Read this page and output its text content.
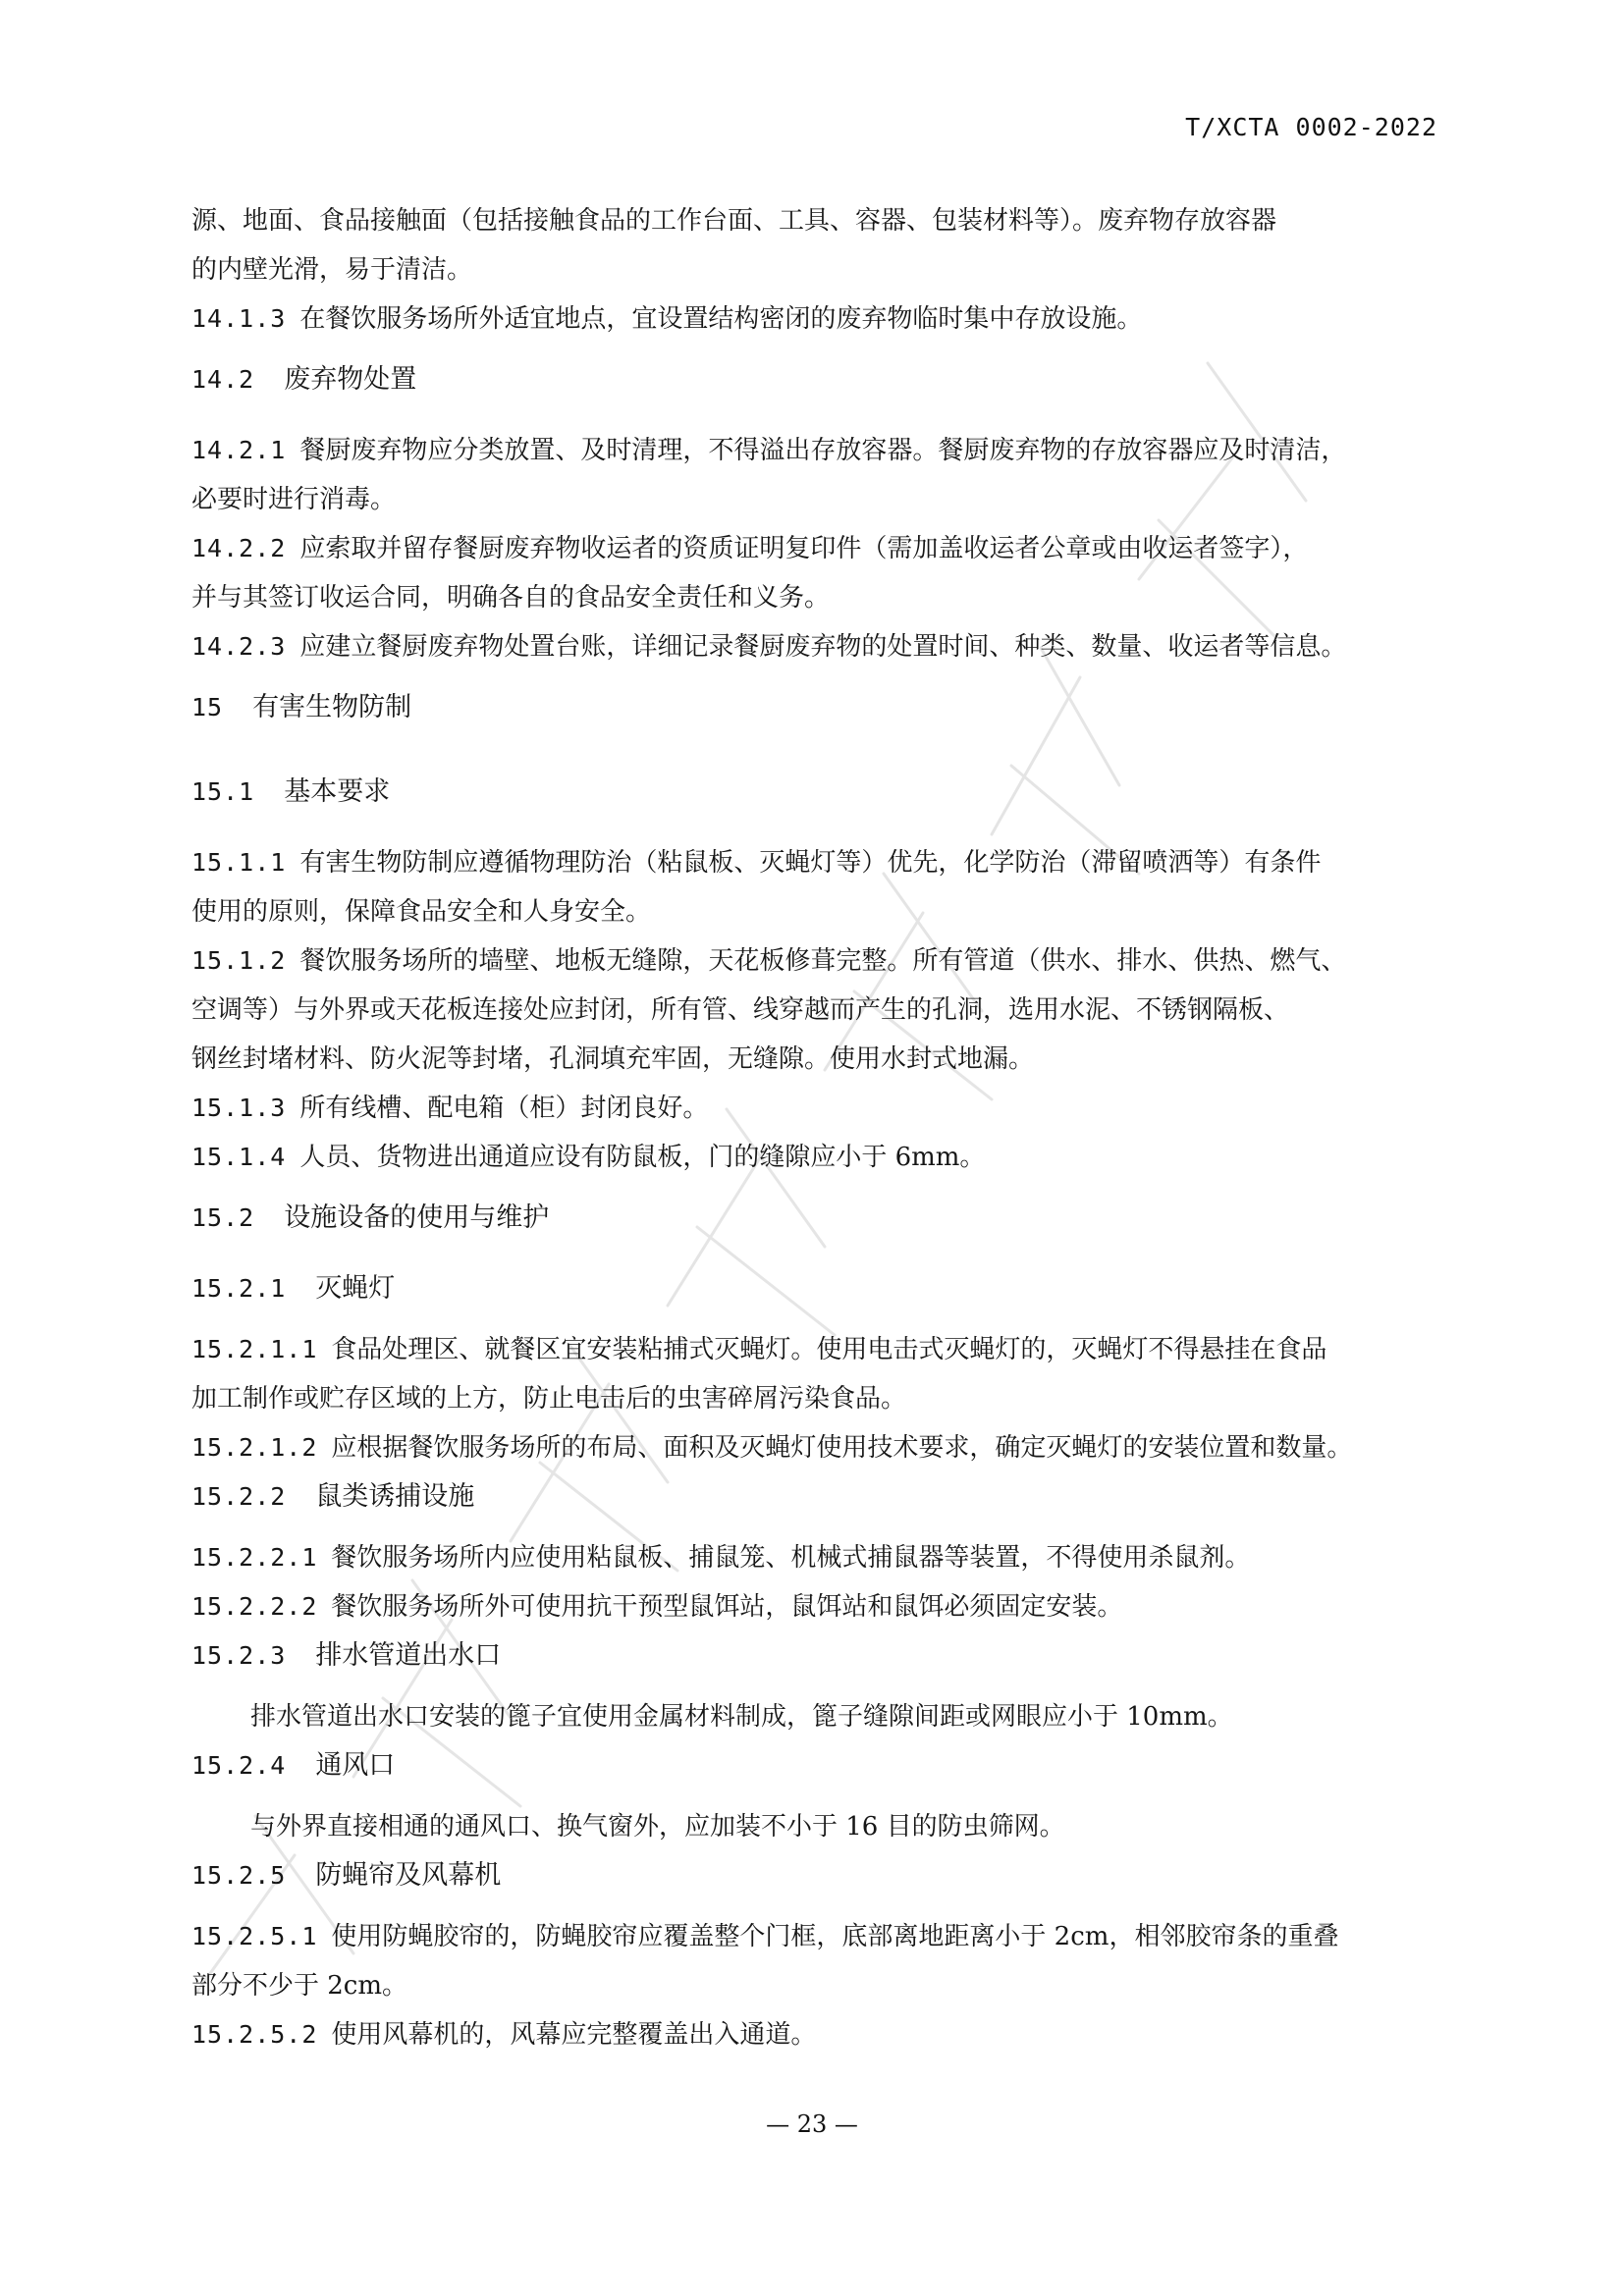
T/XCTA 0002-2022

源、地面、食品接触面（包括接触食品的工作台面、工具、容器、包装材料等）。废弃物存放容器

的内壁光滑，易于清洁。

14.1.3 在餐饮服务场所外适宜地点，宜设置结构密闭的废弃物临时集中存放设施。

14.2 废弃物处置

14.2.1 餐厨废弃物应分类放置、及时清理，不得溢出存放容器。餐厨废弃物的存放容器应及时清洁，

必要时进行消毒。

14.2.2 应索取并留存餐厨废弃物收运者的资质证明复印件（需加盖收运者公章或由收运者签字），

并与其签订收运合同，明确各自的食品安全责任和义务。

14.2.3 应建立餐厨废弃物处置台账，详细记录餐厨废弃物的处置时间、种类、数量、收运者等信息。

15 有害生物防制

15.1 基本要求

15.1.1 有害生物防制应遵循物理防治（粘鼠板、灭蝇灯等）优先，化学防治（滞留喷洒等）有条件

使用的原则，保障食品安全和人身安全。

15.1.2 餐饮服务场所的墙壁、地板无缝隙，天花板修葺完整。所有管道（供水、排水、供热、燃气、

空调等）与外界或天花板连接处应封闭，所有管、线穿越而产生的孔洞，选用水泥、不锈钢隔板、

钢丝封堵材料、防火泥等封堵，孔洞填充牢固，无缝隙。使用水封式地漏。

15.1.3 所有线槽、配电箱（柜）封闭良好。

15.1.4 人员、货物进出通道应设有防鼠板，门的缝隙应小于 6mm。

15.2 设施设备的使用与维护

15.2.1 灭蝇灯

15.2.1.1 食品处理区、就餐区宜安装粘捕式灭蝇灯。使用电击式灭蝇灯的，灭蝇灯不得悬挂在食品

加工制作或贮存区域的上方，防止电击后的虫害碎屑污染食品。

15.2.1.2 应根据餐饮服务场所的布局、面积及灭蝇灯使用技术要求，确定灭蝇灯的安装位置和数量。

15.2.2 鼠类诱捕设施

15.2.2.1 餐饮服务场所内应使用粘鼠板、捕鼠笼、机械式捕鼠器等装置，不得使用杀鼠剂。

15.2.2.2 餐饮服务场所外可使用抗干预型鼠饵站，鼠饵站和鼠饵必须固定安装。

15.2.3 排水管道出水口

排水管道出水口安装的篦子宜使用金属材料制成，篦子缝隙间距或网眼应小于 10mm。

15.2.4 通风口

与外界直接相通的通风口、换气窗外，应加装不小于 16 目的防虫筛网。

15.2.5 防蝇帘及风幕机

15.2.5.1 使用防蝇胶帘的，防蝇胶帘应覆盖整个门框，底部离地距离小于 2cm，相邻胶帘条的重叠

部分不少于 2cm。

15.2.5.2 使用风幕机的，风幕应完整覆盖出入通道。

— 23 —
